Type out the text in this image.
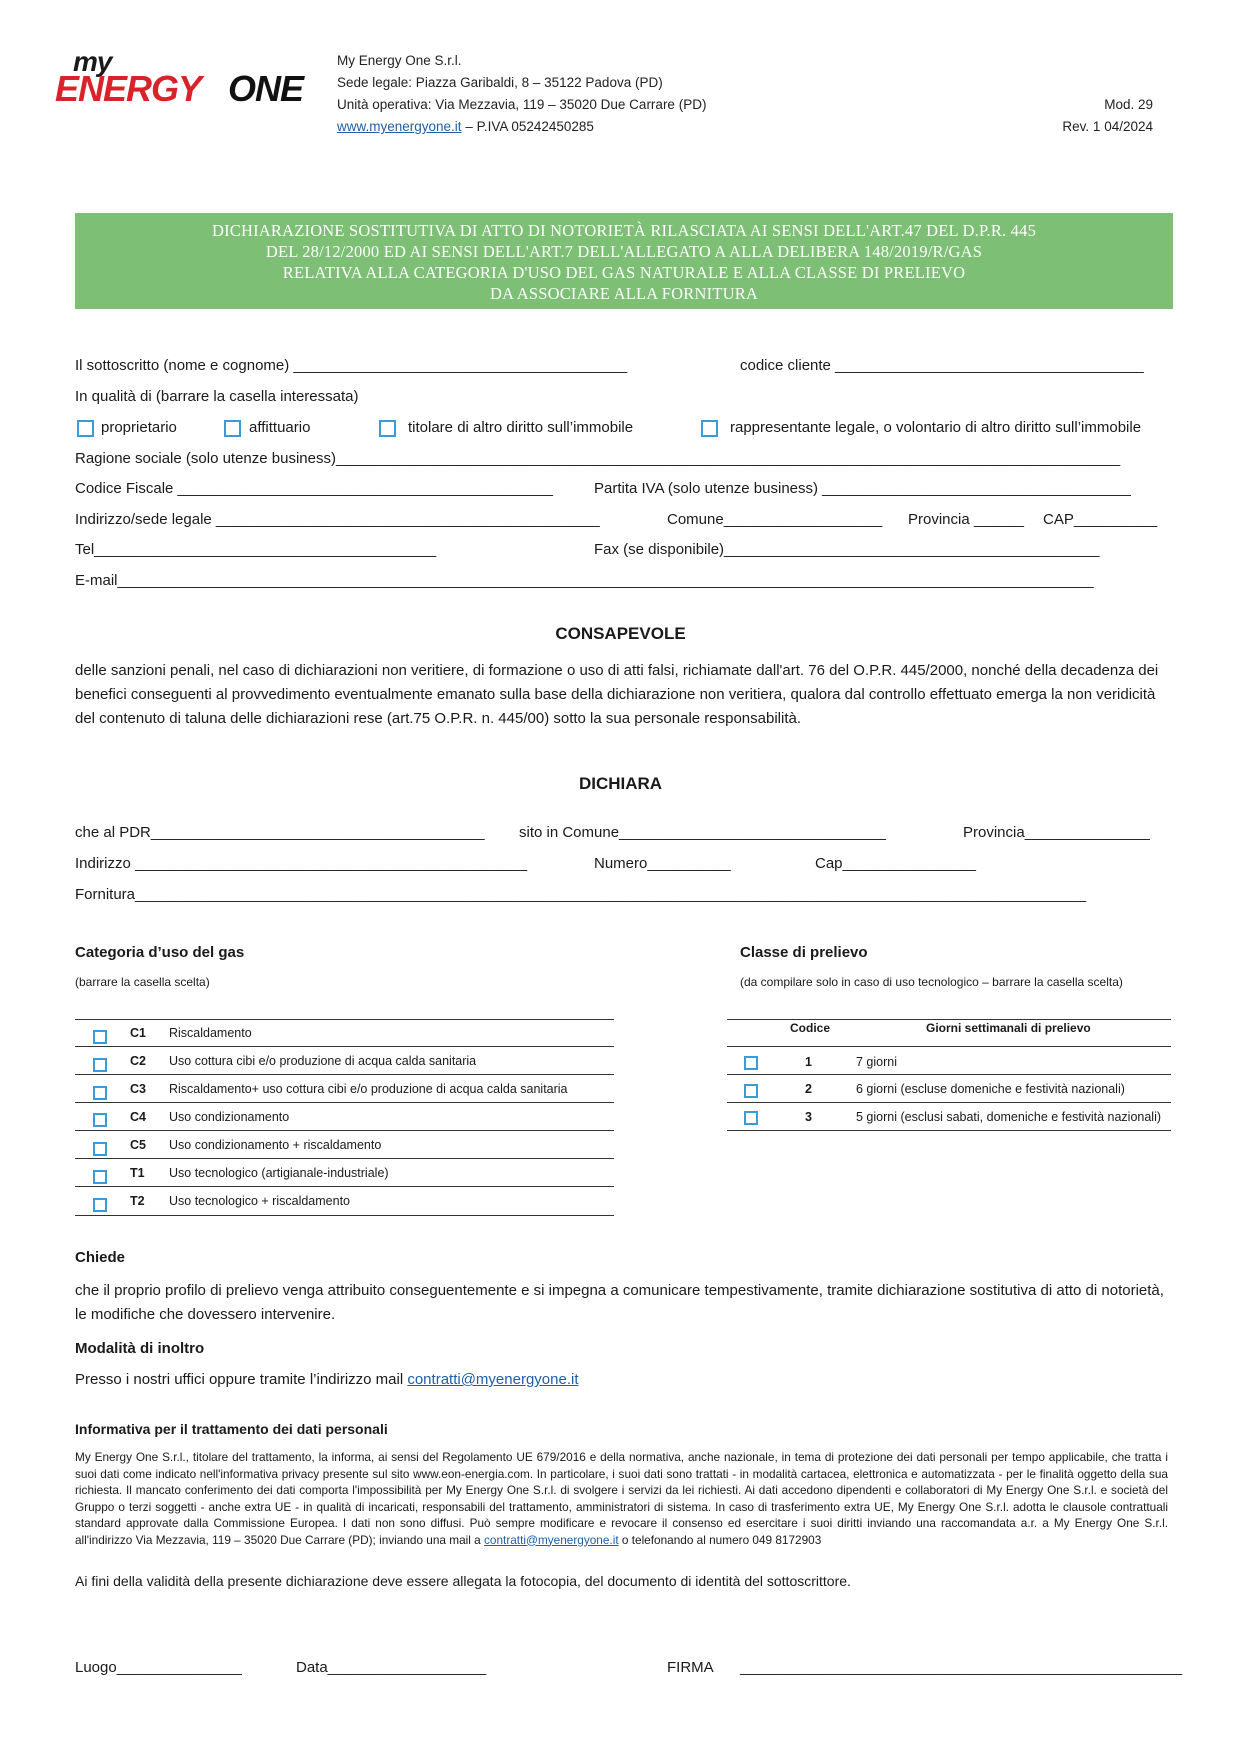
my
ENERGY ONE
My Energy One S.r.l.
Sede legale: Piazza Garibaldi, 8 – 35122 Padova (PD)
Unità operativa: Via Mezzavia, 119 – 35020 Due Carrare (PD)
www.myenergyone.it – P.IVA 05242450285
Mod. 29
Rev. 1 04/2024
DICHIARAZIONE SOSTITUTIVA DI ATTO DI NOTORIETÀ RILASCIATA AI SENSI DELL'ART.47 DEL D.P.R. 445
DEL 28/12/2000 ED AI SENSI DELL'ART.7 DELL'ALLEGATO A ALLA DELIBERA 148/2019/R/GAS
RELATIVA ALLA CATEGORIA D'USO DEL GAS NATURALE E ALLA CLASSE DI PRELIEVO
DA ASSOCIARE ALLA FORNITURA
Il sottoscritto (nome e cognome) ________________________________________	codice cliente _____________________________________
In qualità di (barrare la casella interessata)
proprietario	affittuario	titolare di altro diritto sull’immobile	rappresentante legale, o volontario di altro diritto sull’immobile
Ragione sociale (solo utenze business)______________________________________________________________________________________________
Codice Fiscale _____________________________________________	Partita IVA (solo utenze business) _____________________________________
Indirizzo/sede legale ______________________________________________	Comune___________________ Provincia ______ CAP__________
Tel_________________________________________	Fax (se disponibile)_____________________________________________
E-mail_____________________________________________________________________________________________________________________
CONSAPEVOLE
delle sanzioni penali, nel caso di dichiarazioni non veritiere, di formazione o uso di atti falsi, richiamate dall'art. 76 del O.P.R. 445/2000, nonché della decadenza dei benefici conseguenti al provvedimento eventualmente emanato sulla base della dichiarazione non veritiera, qualora dal controllo effettuato emerga la non veridicità del contenuto di taluna delle dichiarazioni rese (art.75 O.P.R. n. 445/00) sotto la sua personale responsabilità.
DICHIARA
che al PDR________________________________________ sito in Comune________________________________	Provincia_______________
Indirizzo _______________________________________________	Numero__________	Cap________________
Fornitura__________________________________________________________________________________________________________________
Categoria d’uso del gas
(barrare la casella scelta)
C1 Riscaldamento
C2 Uso cottura cibi e/o produzione di acqua calda sanitaria
C3 Riscaldamento+ uso cottura cibi e/o produzione di acqua calda sanitaria
C4 Uso condizionamento
C5 Uso condizionamento + riscaldamento
T1 Uso tecnologico (artigianale-industriale)
T2 Uso tecnologico + riscaldamento
Classe di prelievo
(da compilare solo in caso di uso tecnologico – barrare la casella scelta)
Codice	Giorni settimanali di prelievo
1	7 giorni
2	6 giorni (escluse domeniche e festività nazionali)
3	5 giorni (esclusi sabati, domeniche e festività nazionali)
Chiede
che il proprio profilo di prelievo venga attribuito conseguentemente e si impegna a comunicare tempestivamente, tramite dichiarazione sostitutiva di atto di notorietà, le modifiche che dovessero intervenire.
Modalità di inoltro
Presso i nostri uffici oppure tramite l’indirizzo mail contratti@myenergyone.it
Informativa per il trattamento dei dati personali
My Energy One S.r.l., titolare del trattamento, la informa, ai sensi del Regolamento UE 679/2016 e della normativa, anche nazionale, in tema di protezione dei dati personali per tempo applicabile, che tratta i suoi dati come indicato nell'informativa privacy presente sul sito www.eon-energia.com. In particolare, i suoi dati sono trattati - in modalità cartacea, elettronica e automatizzata - per le finalità oggetto della sua richiesta. Il mancato conferimento dei dati comporta l'impossibilità per My Energy One S.r.l. di svolgere i servizi da lei richiesti. Ai dati accedono dipendenti e collaboratori di My Energy One S.r.l. e società del Gruppo o terzi soggetti - anche extra UE - in qualità di incaricati, responsabili del trattamento, amministratori di sistema. In caso di trasferimento extra UE, My Energy One S.r.l. adotta le clausole contrattuali standard approvate dalla Commissione Europea. I dati non sono diffusi. Può sempre modificare e revocare il consenso ed esercitare i suoi diritti inviando una raccomandata a.r. a My Energy One S.r.l. all'indirizzo Via Mezzavia, 119 – 35020 Due Carrare (PD); inviando una mail a contratti@myenergyone.it o telefonando al numero 049 8172903
Ai fini della validità della presente dichiarazione deve essere allegata la fotocopia, del documento di identità del sottoscrittore.
Luogo_______________	Data___________________	FIRMA _____________________________________________________
